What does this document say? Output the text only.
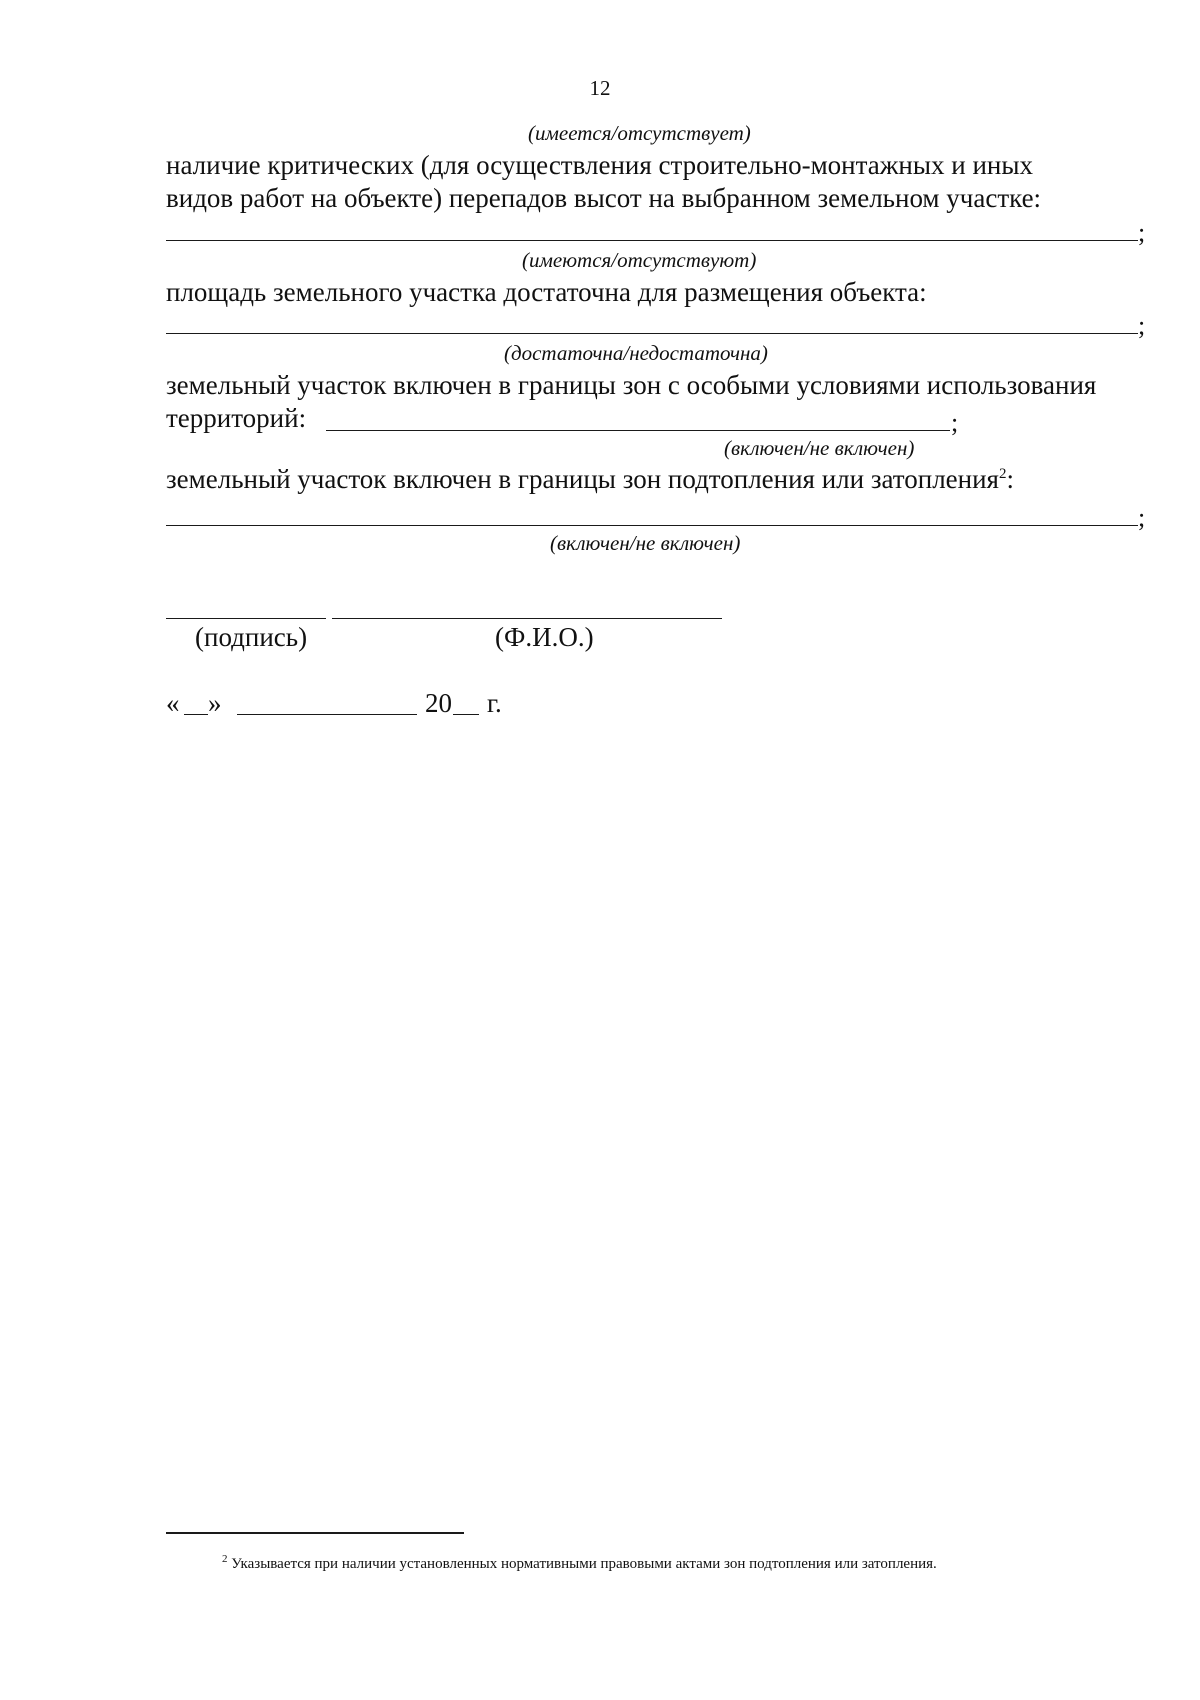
12
(имеется/отсутствует)
наличие критических (для осуществления строительно-монтажных и иных
видов работ на объекте) перепадов высот на выбранном земельном участке:
;
(имеются/отсутствуют)
площадь земельного участка достаточна для размещения объекта:
;
(достаточна/недостаточна)
земельный участок включен в границы зон с особыми условиями использования
территорий:	;
(включен/не включен)
земельный участок включен в границы зон подтопления или затопления$^2$:
;
(включен/не включен)
(подпись)	(Ф.И.О.)
« »	20 г.
$^2$ Указывается при наличии установленных нормативными правовыми актами зон подтопления или затопления.
